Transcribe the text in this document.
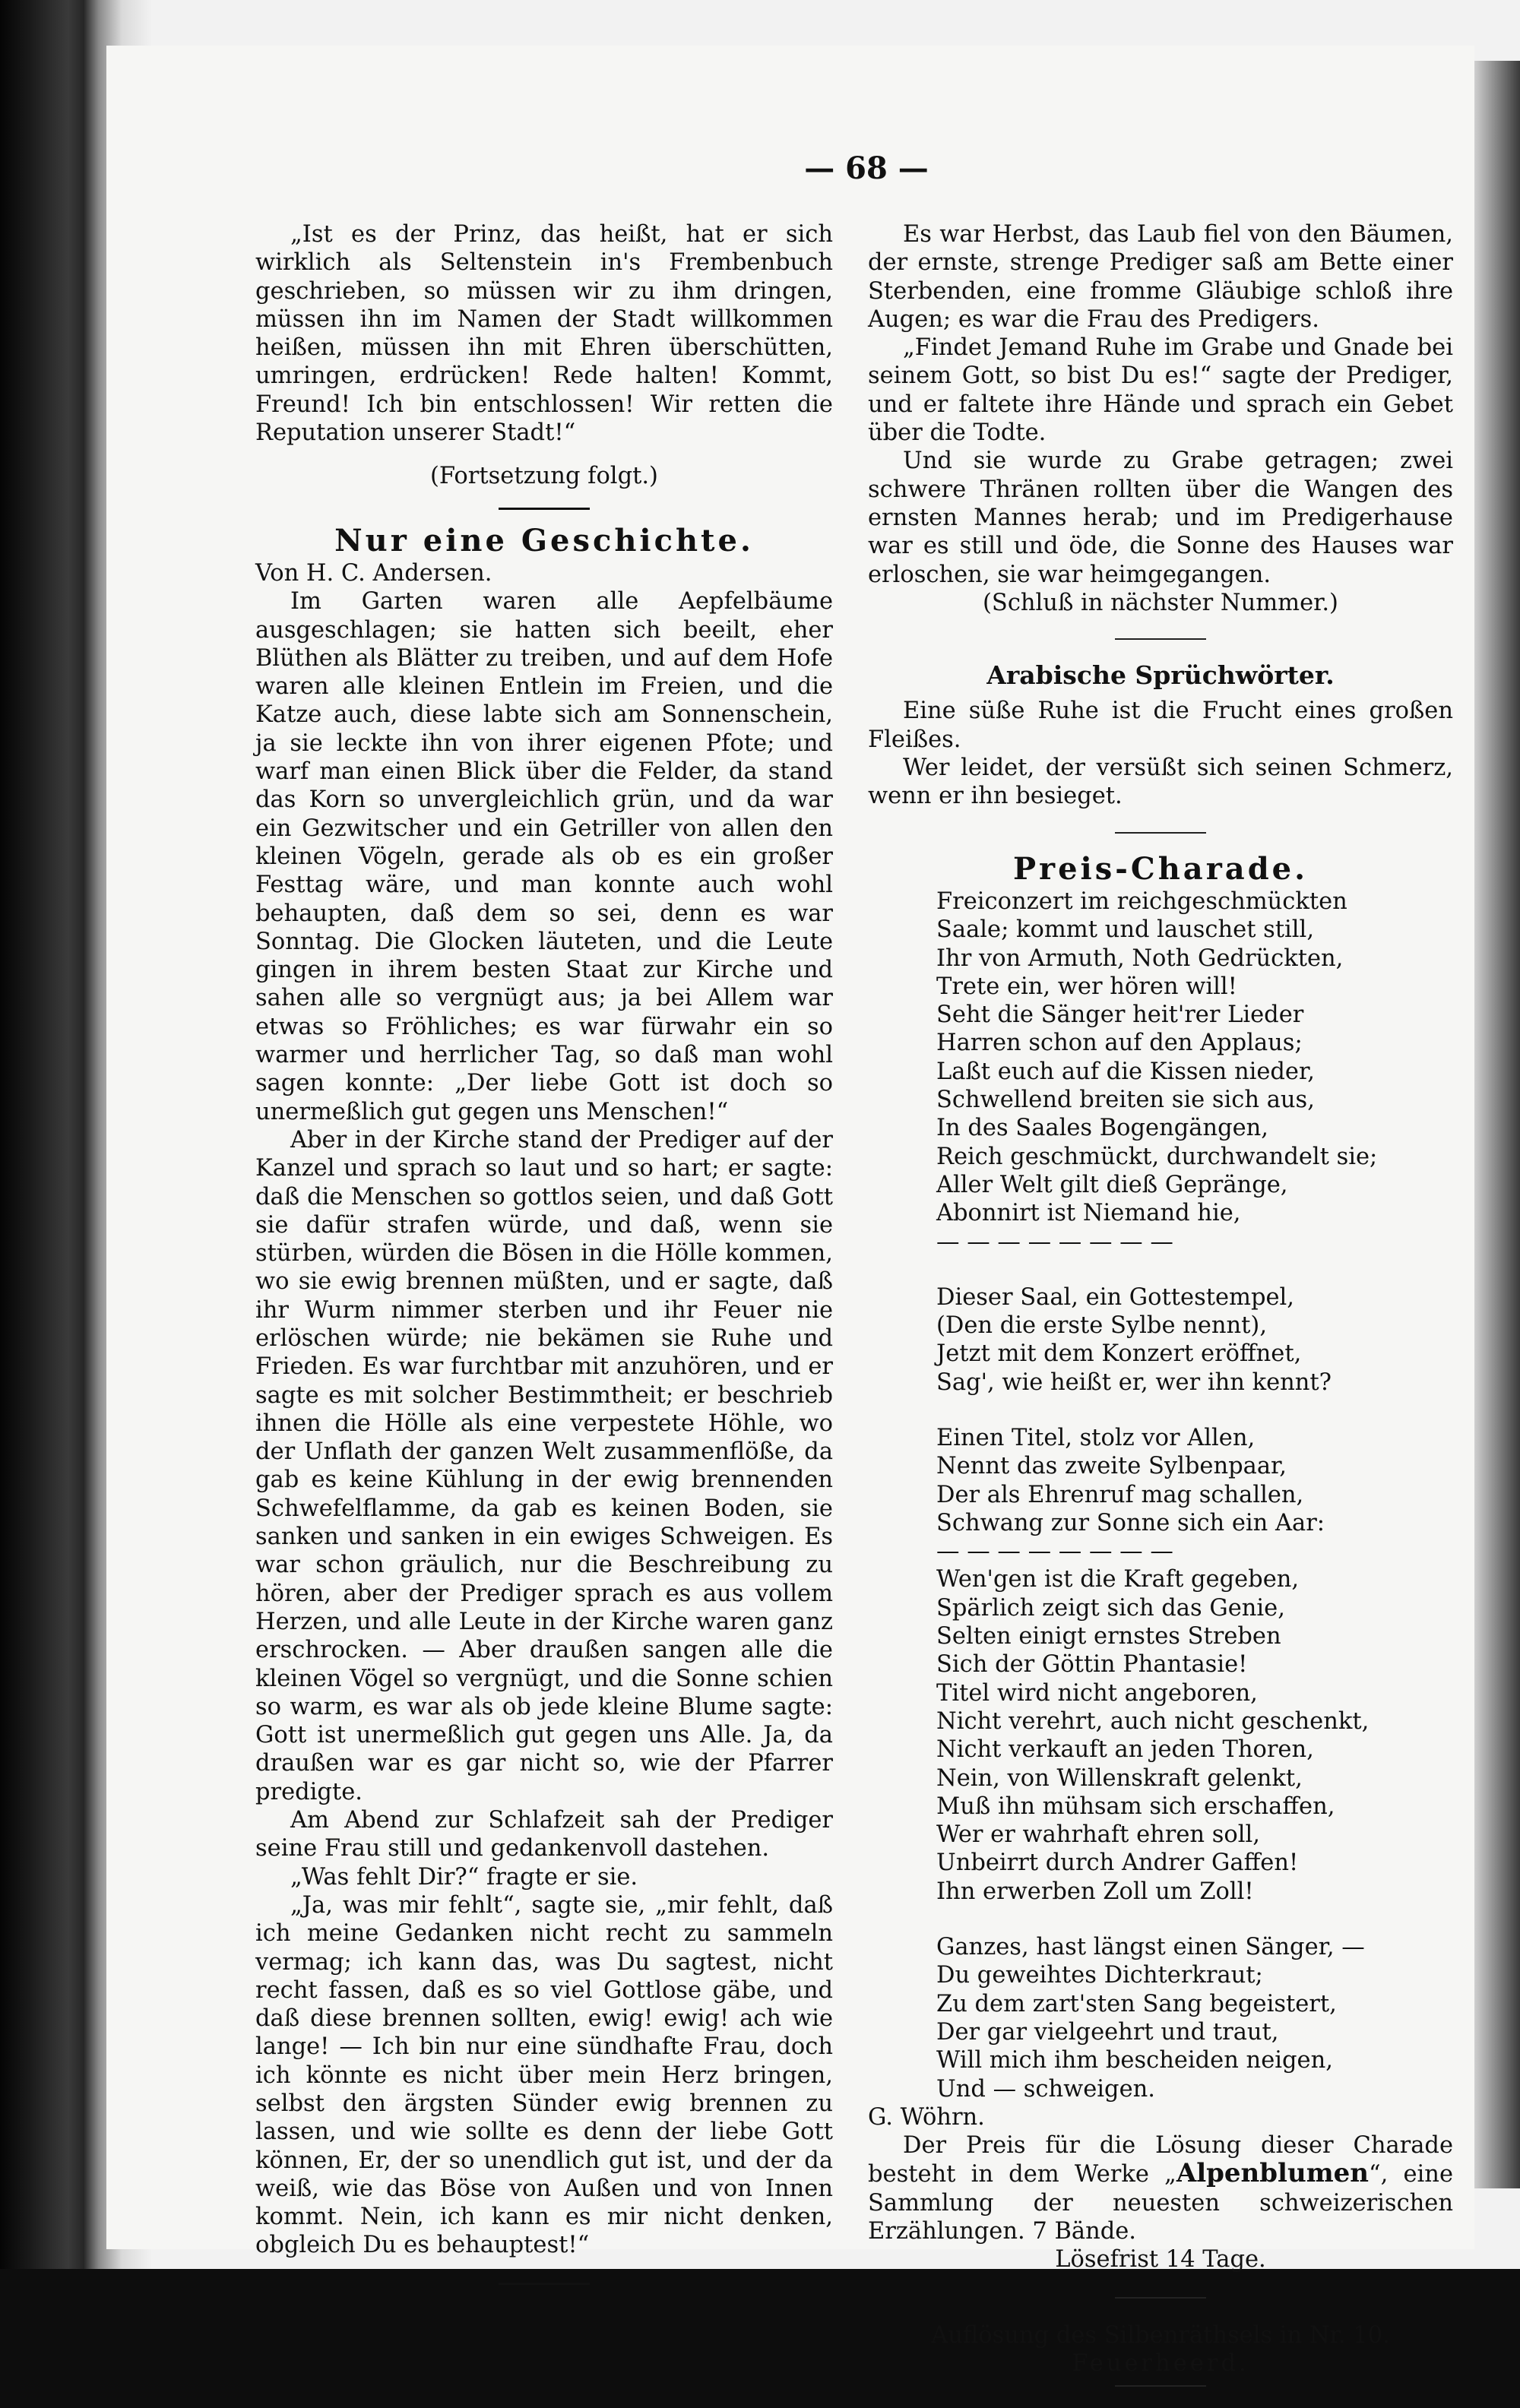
— 68 —

„Ist es der Prinz, das heißt, hat er sich wirklich als Seltenstein in's Frembenbuch geschrieben, so müssen wir zu ihm dringen, müssen ihn im Namen der Stadt willkommen heißen, müssen ihn mit Ehren überschütten, umringen, erdrücken! Rede halten! Kommt, Freund! Ich bin entschlossen! Wir retten die Reputation unserer Stadt!“

(Fortsetzung folgt.)

Nur eine Geschichte.

Von H. C. Andersen.

Im Garten waren alle Aepfelbäume ausgeschlagen; sie hatten sich beeilt, eher Blüthen als Blätter zu treiben, und auf dem Hofe waren alle kleinen Entlein im Freien, und die Katze auch, diese labte sich am Sonnenschein, ja sie leckte ihn von ihrer eigenen Pfote; und warf man einen Blick über die Felder, da stand das Korn so unvergleichlich grün, und da war ein Gezwitscher und ein Getriller von allen den kleinen Vögeln, gerade als ob es ein großer Festtag wäre, und man konnte auch wohl behaupten, daß dem so sei, denn es war Sonntag. Die Glocken läuteten, und die Leute gingen in ihrem besten Staat zur Kirche und sahen alle so vergnügt aus; ja bei Allem war etwas so Fröhliches; es war fürwahr ein so warmer und herrlicher Tag, so daß man wohl sagen konnte: „Der liebe Gott ist doch so unermeßlich gut gegen uns Menschen!“

Aber in der Kirche stand der Prediger auf der Kanzel und sprach so laut und so hart; er sagte: daß die Menschen so gottlos seien, und daß Gott sie dafür strafen würde, und daß, wenn sie stürben, würden die Bösen in die Hölle kommen, wo sie ewig brennen müßten, und er sagte, daß ihr Wurm nimmer sterben und ihr Feuer nie erlöschen würde; nie bekämen sie Ruhe und Frieden. Es war furchtbar mit anzuhören, und er sagte es mit solcher Bestimmtheit; er beschrieb ihnen die Hölle als eine verpestete Höhle, wo der Unflath der ganzen Welt zusammenflöße, da gab es keine Kühlung in der ewig brennenden Schwefelflamme, da gab es keinen Boden, sie sanken und sanken in ein ewiges Schweigen. Es war schon gräulich, nur die Beschreibung zu hören, aber der Prediger sprach es aus vollem Herzen, und alle Leute in der Kirche waren ganz erschrocken. — Aber draußen sangen alle die kleinen Vögel so vergnügt, und die Sonne schien so warm, es war als ob jede kleine Blume sagte: Gott ist unermeßlich gut gegen uns Alle. Ja, da draußen war es gar nicht so, wie der Pfarrer predigte.

Am Abend zur Schlafzeit sah der Prediger seine Frau still und gedankenvoll dastehen.

„Was fehlt Dir?“ fragte er sie.

„Ja, was mir fehlt“, sagte sie, „mir fehlt, daß ich meine Gedanken nicht recht zu sammeln vermag; ich kann das, was Du sagtest, nicht recht fassen, daß es so viel Gottlose gäbe, und daß diese brennen sollten, ewig! ewig! ach wie lange! — Ich bin nur eine sündhafte Frau, doch ich könnte es nicht über mein Herz bringen, selbst den ärgsten Sünder ewig brennen zu lassen, und wie sollte es denn der liebe Gott können, Er, der so unendlich gut ist, und der da weiß, wie das Böse von Außen und von Innen kommt. Nein, ich kann es mir nicht denken, obgleich Du es behauptest!“

Es war Herbst, das Laub fiel von den Bäumen, der ernste, strenge Prediger saß am Bette einer Sterbenden, eine fromme Gläubige schloß ihre Augen; es war die Frau des Predigers.

„Findet Jemand Ruhe im Grabe und Gnade bei seinem Gott, so bist Du es!“ sagte der Prediger, und er faltete ihre Hände und sprach ein Gebet über die Todte.

Und sie wurde zu Grabe getragen; zwei schwere Thränen rollten über die Wangen des ernsten Mannes herab; und im Predigerhause war es still und öde, die Sonne des Hauses war erloschen, sie war heimgegangen.

(Schluß in nächster Nummer.)

Arabische Sprüchwörter.

Eine süße Ruhe ist die Frucht eines großen Fleißes.

Wer leidet, der versüßt sich seinen Schmerz, wenn er ihn besieget.

Preis-Charade.
Freiconzert im reichgeschmückten
Saale; kommt und lauschet still,
Ihr von Armuth, Noth Gedrückten,
Trete ein, wer hören will!
Seht die Sänger heit'rer Lieder
Harren schon auf den Applaus;
Laßt euch auf die Kissen nieder,
Schwellend breiten sie sich aus,
In des Saales Bogengängen,
Reich geschmückt, durchwandelt sie;
Aller Welt gilt dieß Gepränge,
Abonnirt ist Niemand hie,
— — — — — — — —
Dieser Saal, ein Gottestempel,
(Den die erste Sylbe nennt),
Jetzt mit dem Konzert eröffnet,
Sag', wie heißt er, wer ihn kennt?
Einen Titel, stolz vor Allen,
Nennt das zweite Sylbenpaar,
Der als Ehrenruf mag schallen,
Schwang zur Sonne sich ein Aar:
— — — — — — — —
Wen'gen ist die Kraft gegeben,
Spärlich zeigt sich das Genie,
Selten einigt ernstes Streben
Sich der Göttin Phantasie!
Titel wird nicht angeboren,
Nicht verehrt, auch nicht geschenkt,
Nicht verkauft an jeden Thoren,
Nein, von Willenskraft gelenkt,
Muß ihn mühsam sich erschaffen,
Wer er wahrhaft ehren soll,
Unbeirrt durch Andrer Gaffen!
Ihn erwerben Zoll um Zoll!
Ganzes, hast längst einen Sänger, —
Du geweihtes Dichterkraut;
Zu dem zart'sten Sang begeistert,
Der gar vielgeehrt und traut,
Will mich ihm bescheiden neigen,
Und — schweigen.

G. Wöhrn.

Der Preis für die Lösung dieser Charade besteht in dem Werke „Alpenblumen“, eine Sammlung der neuesten schweizerischen Erzählungen. 7 Bände.

Lösefrist 14 Tage.

Auflösung des Silbenräthsels in Nr. 10.

Feuerheerd.
